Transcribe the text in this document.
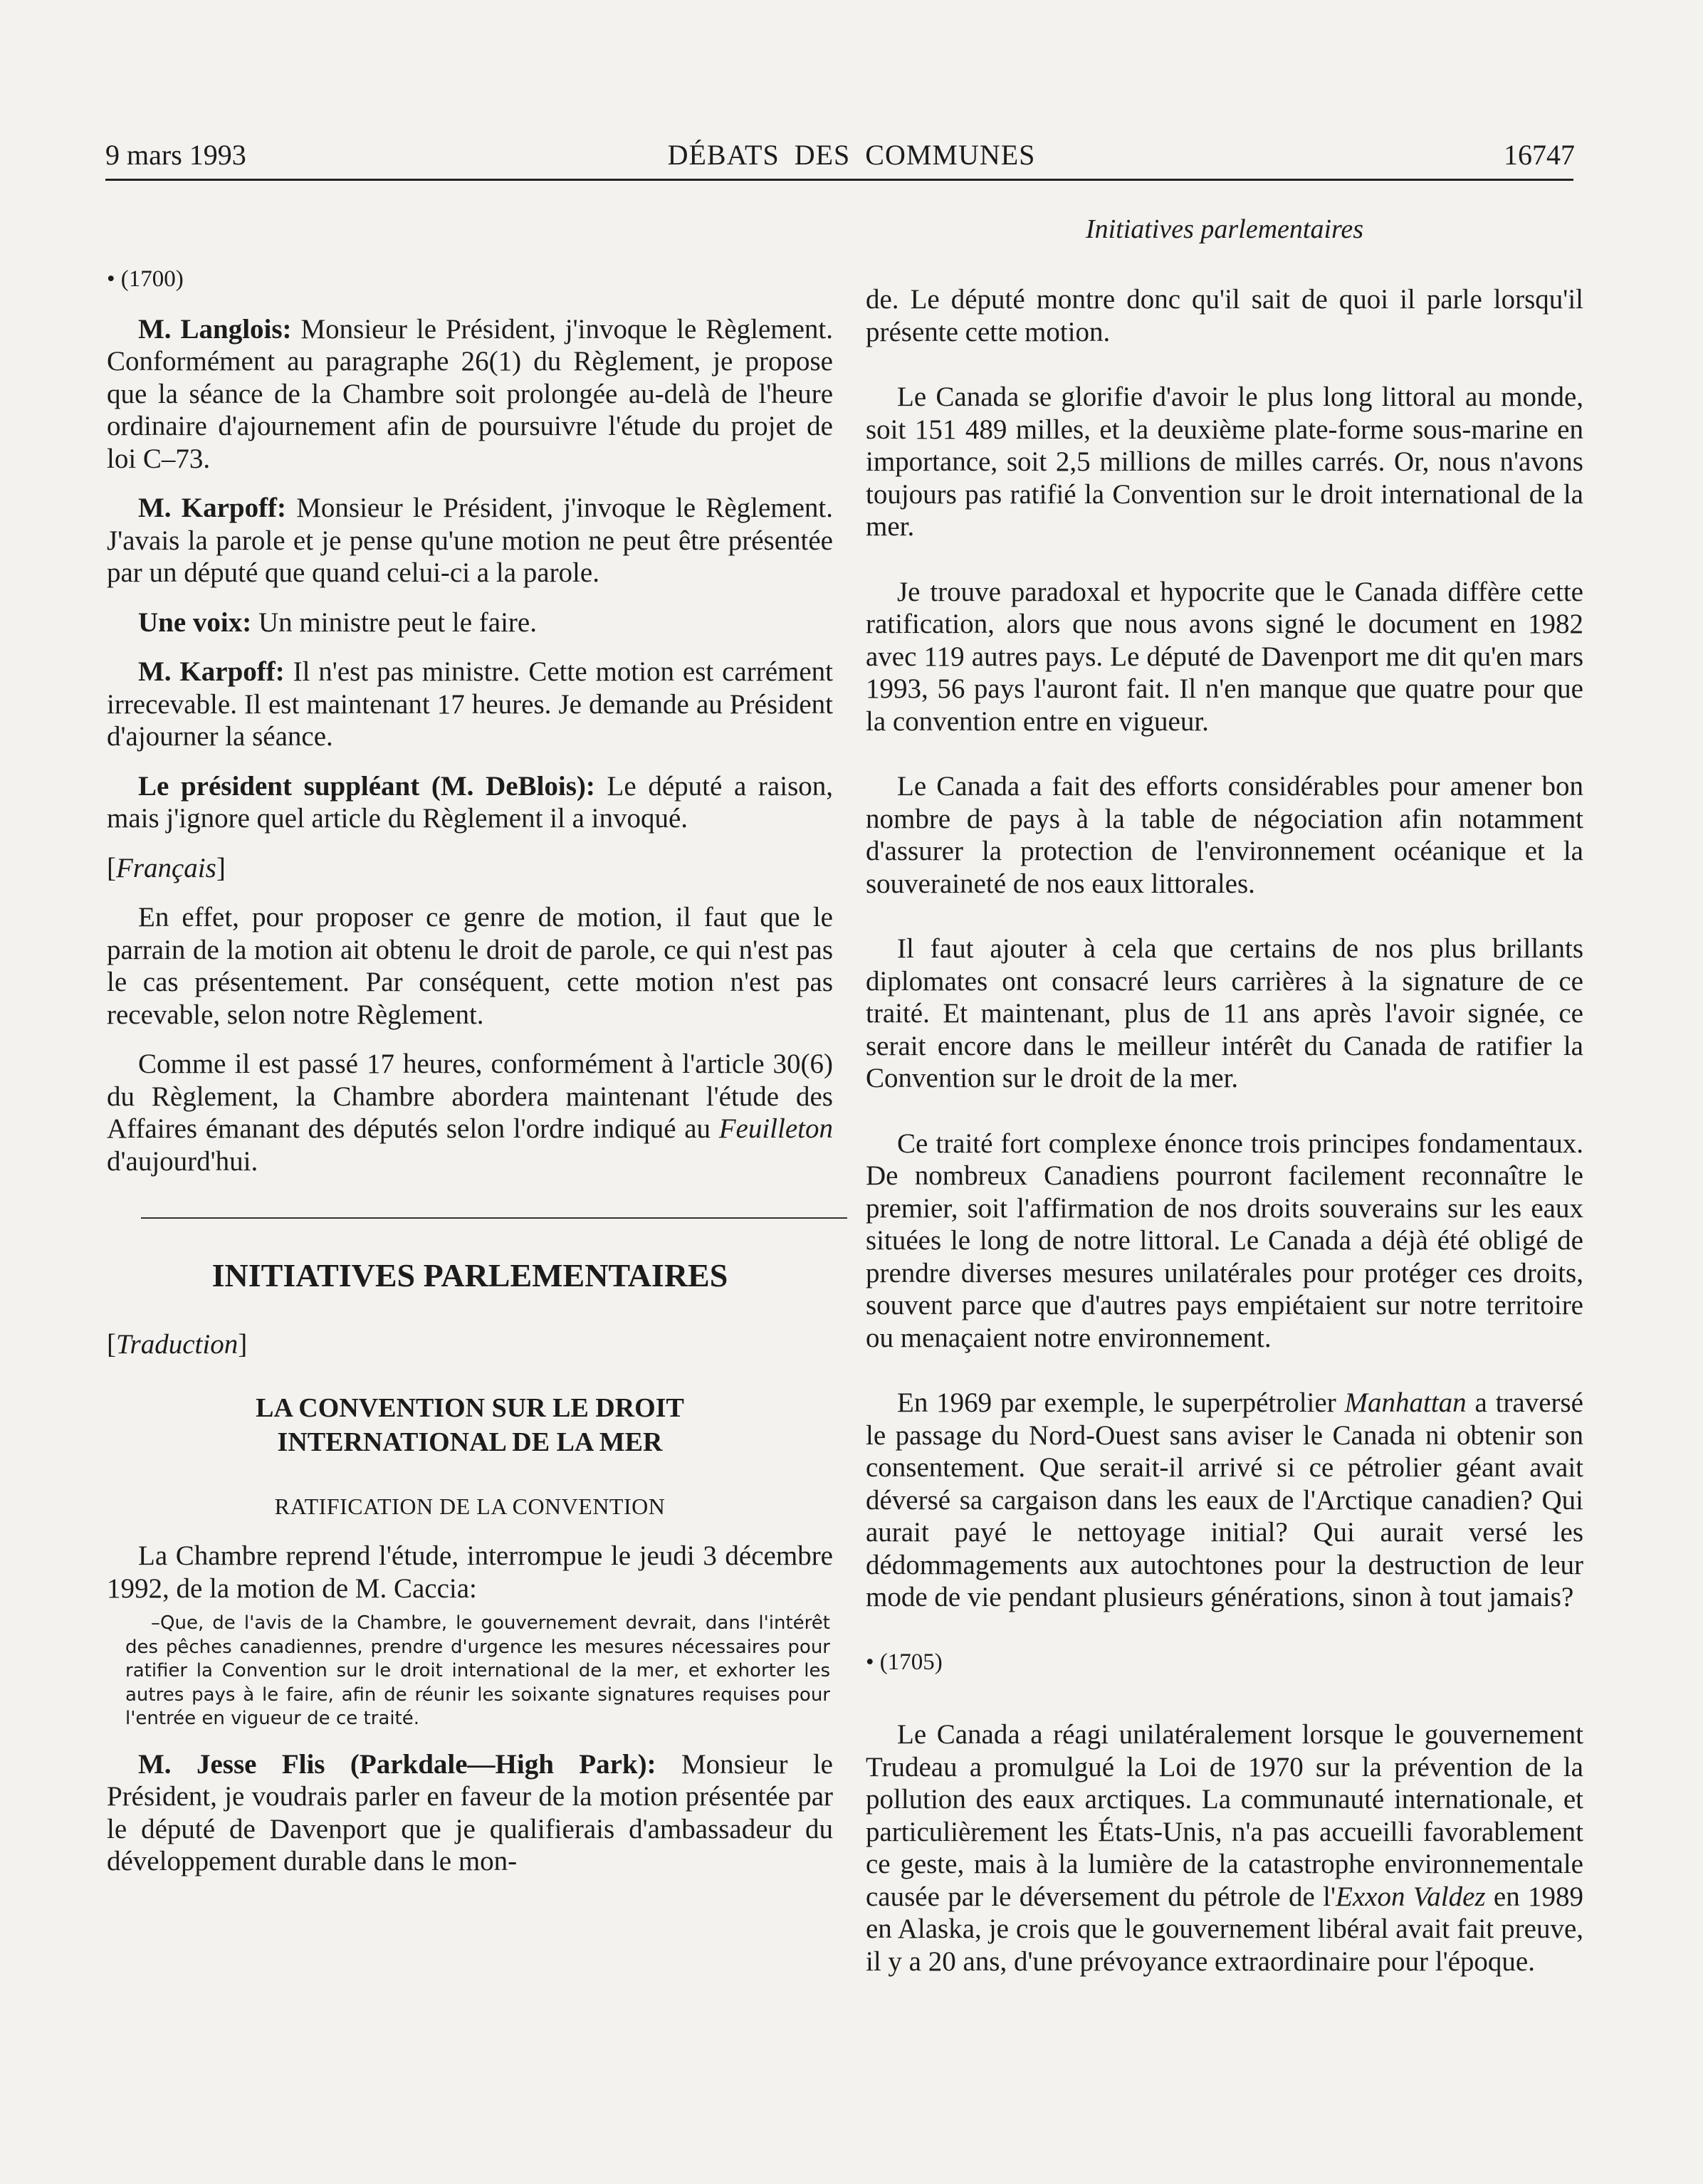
9 mars 1993	DÉBATS DES COMMUNES	16747
Initiatives parlementaires

• (1700)

M. Langlois: Monsieur le Président, j'invoque le Règlement. Conformément au paragraphe 26(1) du Règlement, je propose que la séance de la Chambre soit prolongée au-delà de l'heure ordinaire d'ajournement afin de poursuivre l'étude du projet de loi C–73.

M. Karpoff: Monsieur le Président, j'invoque le Règlement. J'avais la parole et je pense qu'une motion ne peut être présentée par un député que quand celui-ci a la parole.

Une voix: Un ministre peut le faire.

M. Karpoff: Il n'est pas ministre. Cette motion est carrément irrecevable. Il est maintenant 17 heures. Je demande au Président d'ajourner la séance.

Le président suppléant (M. DeBlois): Le député a raison, mais j'ignore quel article du Règlement il a invoqué.

[Français]

En effet, pour proposer ce genre de motion, il faut que le parrain de la motion ait obtenu le droit de parole, ce qui n'est pas le cas présentement. Par conséquent, cette motion n'est pas recevable, selon notre Règlement.

Comme il est passé 17 heures, conformément à l'article 30(6) du Règlement, la Chambre abordera maintenant l'étude des Affaires émanant des députés selon l'ordre indiqué au Feuilleton d'aujourd'hui.

INITIATIVES PARLEMENTAIRES

[Traduction]

LA CONVENTION SUR LE DROIT
INTERNATIONAL DE LA MER

RATIFICATION DE LA CONVENTION

La Chambre reprend l'étude, interrompue le jeudi 3 décembre 1992, de la motion de M. Caccia:

–Que, de l'avis de la Chambre, le gouvernement devrait, dans l'intérêt des pêches canadiennes, prendre d'urgence les mesures nécessaires pour ratifier la Convention sur le droit international de la mer, et exhorter les autres pays à le faire, afin de réunir les soixante signatures requises pour l'entrée en vigueur de ce traité.

M. Jesse Flis (Parkdale—High Park): Monsieur le Président, je voudrais parler en faveur de la motion présentée par le député de Davenport que je qualifierais d'ambassadeur du développement durable dans le mon-

de. Le député montre donc qu'il sait de quoi il parle lorsqu'il présente cette motion.

Le Canada se glorifie d'avoir le plus long littoral au monde, soit 151 489 milles, et la deuxième plate-forme sous-marine en importance, soit 2,5 millions de milles carrés. Or, nous n'avons toujours pas ratifié la Convention sur le droit international de la mer.

Je trouve paradoxal et hypocrite que le Canada diffère cette ratification, alors que nous avons signé le document en 1982 avec 119 autres pays. Le député de Davenport me dit qu'en mars 1993, 56 pays l'auront fait. Il n'en manque que quatre pour que la convention entre en vigueur.

Le Canada a fait des efforts considérables pour amener bon nombre de pays à la table de négociation afin notamment d'assurer la protection de l'environnement océanique et la souveraineté de nos eaux littorales.

Il faut ajouter à cela que certains de nos plus brillants diplomates ont consacré leurs carrières à la signature de ce traité. Et maintenant, plus de 11 ans après l'avoir signée, ce serait encore dans le meilleur intérêt du Canada de ratifier la Convention sur le droit de la mer.

Ce traité fort complexe énonce trois principes fondamentaux. De nombreux Canadiens pourront facilement reconnaître le premier, soit l'affirmation de nos droits souverains sur les eaux situées le long de notre littoral. Le Canada a déjà été obligé de prendre diverses mesures unilatérales pour protéger ces droits, souvent parce que d'autres pays empiétaient sur notre territoire ou menaçaient notre environnement.

En 1969 par exemple, le superpétrolier Manhattan a traversé le passage du Nord-Ouest sans aviser le Canada ni obtenir son consentement. Que serait-il arrivé si ce pétrolier géant avait déversé sa cargaison dans les eaux de l'Arctique canadien? Qui aurait payé le nettoyage initial? Qui aurait versé les dédommagements aux autochtones pour la destruction de leur mode de vie pendant plusieurs générations, sinon à tout jamais?

• (1705)

Le Canada a réagi unilatéralement lorsque le gouvernement Trudeau a promulgué la Loi de 1970 sur la prévention de la pollution des eaux arctiques. La communauté internationale, et particulièrement les États-Unis, n'a pas accueilli favorablement ce geste, mais à la lumière de la catastrophe environnementale causée par le déversement du pétrole de l'Exxon Valdez en 1989 en Alaska, je crois que le gouvernement libéral avait fait preuve, il y a 20 ans, d'une prévoyance extraordinaire pour l'époque.
